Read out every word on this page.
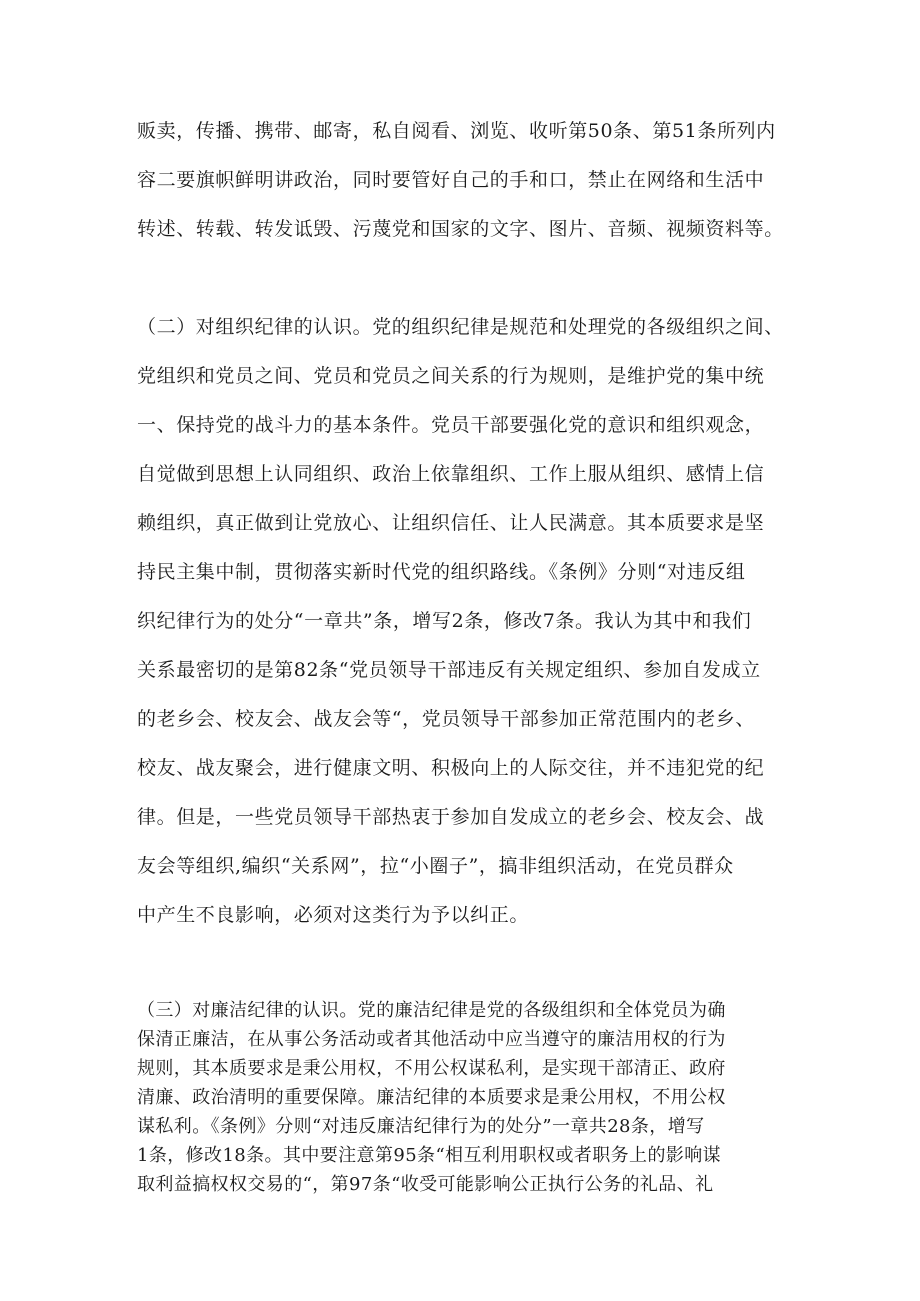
贩卖，传播、携带、邮寄，私自阅看、浏览、收听第50条、第51条所列内
容二要旗帜鲜明讲政治，同时要管好自己的手和口，禁止在网络和生活中
转述、转载、转发诋毁、污蔑党和国家的文字、图片、音频、视频资料等。
（二）对组织纪律的认识。党的组织纪律是规范和处理党的各级组织之间、
党组织和党员之间、党员和党员之间关系的行为规则，是维护党的集中统
一、保持党的战斗力的基本条件。党员干部要强化党的意识和组织观念，
自觉做到思想上认同组织、政治上依靠组织、工作上服从组织、感情上信
赖组织，真正做到让党放心、让组织信任、让人民满意。其本质要求是坚
持民主集中制，贯彻落实新时代党的组织路线。《条例》分则“对违反组
织纪律行为的处分“一章共”条，增写2条，修改7条。我认为其中和我们
关系最密切的是第82条“党员领导干部违反有关规定组织、参加自发成立
的老乡会、校友会、战友会等“，党员领导干部参加正常范围内的老乡、
校友、战友聚会，进行健康文明、积极向上的人际交往，并不违犯党的纪
律。但是，一些党员领导干部热衷于参加自发成立的老乡会、校友会、战
友会等组织,编织“关系网”，拉“小圈子”，搞非组织活动，在党员群众
中产生不良影响，必须对这类行为予以纠正。
（三）对廉洁纪律的认识。党的廉洁纪律是党的各级组织和全体党员为确
保清正廉洁，在从事公务活动或者其他活动中应当遵守的廉洁用权的行为
规则，其本质要求是秉公用权，不用公权谋私利，是实现干部清正、政府
清廉、政治清明的重要保障。廉洁纪律的本质要求是秉公用权，不用公权
谋私利。《条例》分则“对违反廉洁纪律行为的处分”一章共28条，增写
1条，修改18条。其中要注意第95条“相互利用职权或者职务上的影响谋
取利益搞权权交易的“，第97条“收受可能影响公正执行公务的礼品、礼
